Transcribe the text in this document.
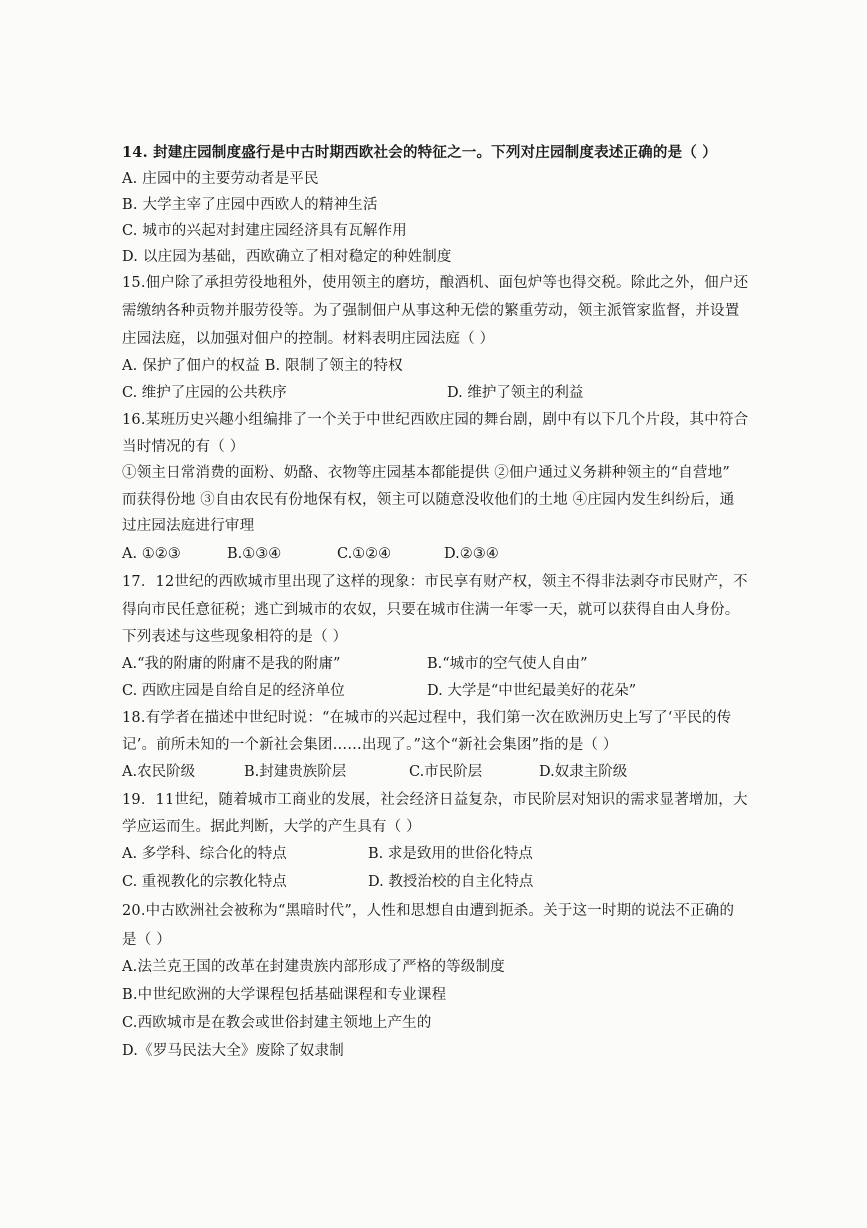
14. 封建庄园制度盛行是中古时期西欧社会的特征之一。下列对庄园制度表述正确的是（ ）

A. 庄园中的主要劳动者是平民

B. 大学主宰了庄园中西欧人的精神生活

C. 城市的兴起对封建庄园经济具有瓦解作用

D. 以庄园为基础，西欧确立了相对稳定的种姓制度

15.佃户除了承担劳役地租外，使用领主的磨坊，酿酒机、面包炉等也得交税。除此之外，佃户还

需缴纳各种贡物并服劳役等。为了强制佃户从事这种无偿的繁重劳动，领主派管家监督，并设置

庄园法庭，以加强对佃户的控制。材料表明庄园法庭（ ）

A. 保护了佃户的权益 B. 限制了领主的特权

C. 维护了庄园的公共秩序	D. 维护了领主的利益

16.某班历史兴趣小组编排了一个关于中世纪西欧庄园的舞台剧，剧中有以下几个片段，其中符合

当时情况的有（ ）

①领主日常消费的面粉、奶酪、衣物等庄园基本都能提供 ②佃户通过义务耕种领主的“自营地”

而获得份地 ③自由农民有份地保有权，领主可以随意没收他们的土地 ④庄园内发生纠纷后，通

过庄园法庭进行审理

A. ①②③	B.①③④	C.①②④	D.②③④

17．12世纪的西欧城市里出现了这样的现象：市民享有财产权，领主不得非法剥夺市民财产，不

得向市民任意征税；逃亡到城市的农奴，只要在城市住满一年零一天，就可以获得自由人身份。

下列表述与这些现象相符的是（ ）

A.“我的附庸的附庸不是我的附庸”	B.“城市的空气使人自由”
C. 西欧庄园是自给自足的经济单位	D. 大学是“中世纪最美好的花朵”

18.有学者在描述中世纪时说：“在城市的兴起过程中，我们第一次在欧洲历史上写了‘平民的传

记’。前所未知的一个新社会集团……出现了。”这个“新社会集团”指的是（ ）

A.农民阶级	B.封建贵族阶层	C.市民阶层	D.奴隶主阶级

19．11世纪，随着城市工商业的发展，社会经济日益复杂，市民阶层对知识的需求显著增加，大

学应运而生。据此判断，大学的产生具有（ ）

A. 多学科、综合化的特点	B. 求是致用的世俗化特点
C. 重视教化的宗教化特点	D. 教授治校的自主化特点

20.中古欧洲社会被称为“黑暗时代”，人性和思想自由遭到扼杀。关于这一时期的说法不正确的

是（ ）

A.法兰克王国的改革在封建贵族内部形成了严格的等级制度

B.中世纪欧洲的大学课程包括基础课程和专业课程

C.西欧城市是在教会或世俗封建主领地上产生的

D.《罗马民法大全》废除了奴隶制
